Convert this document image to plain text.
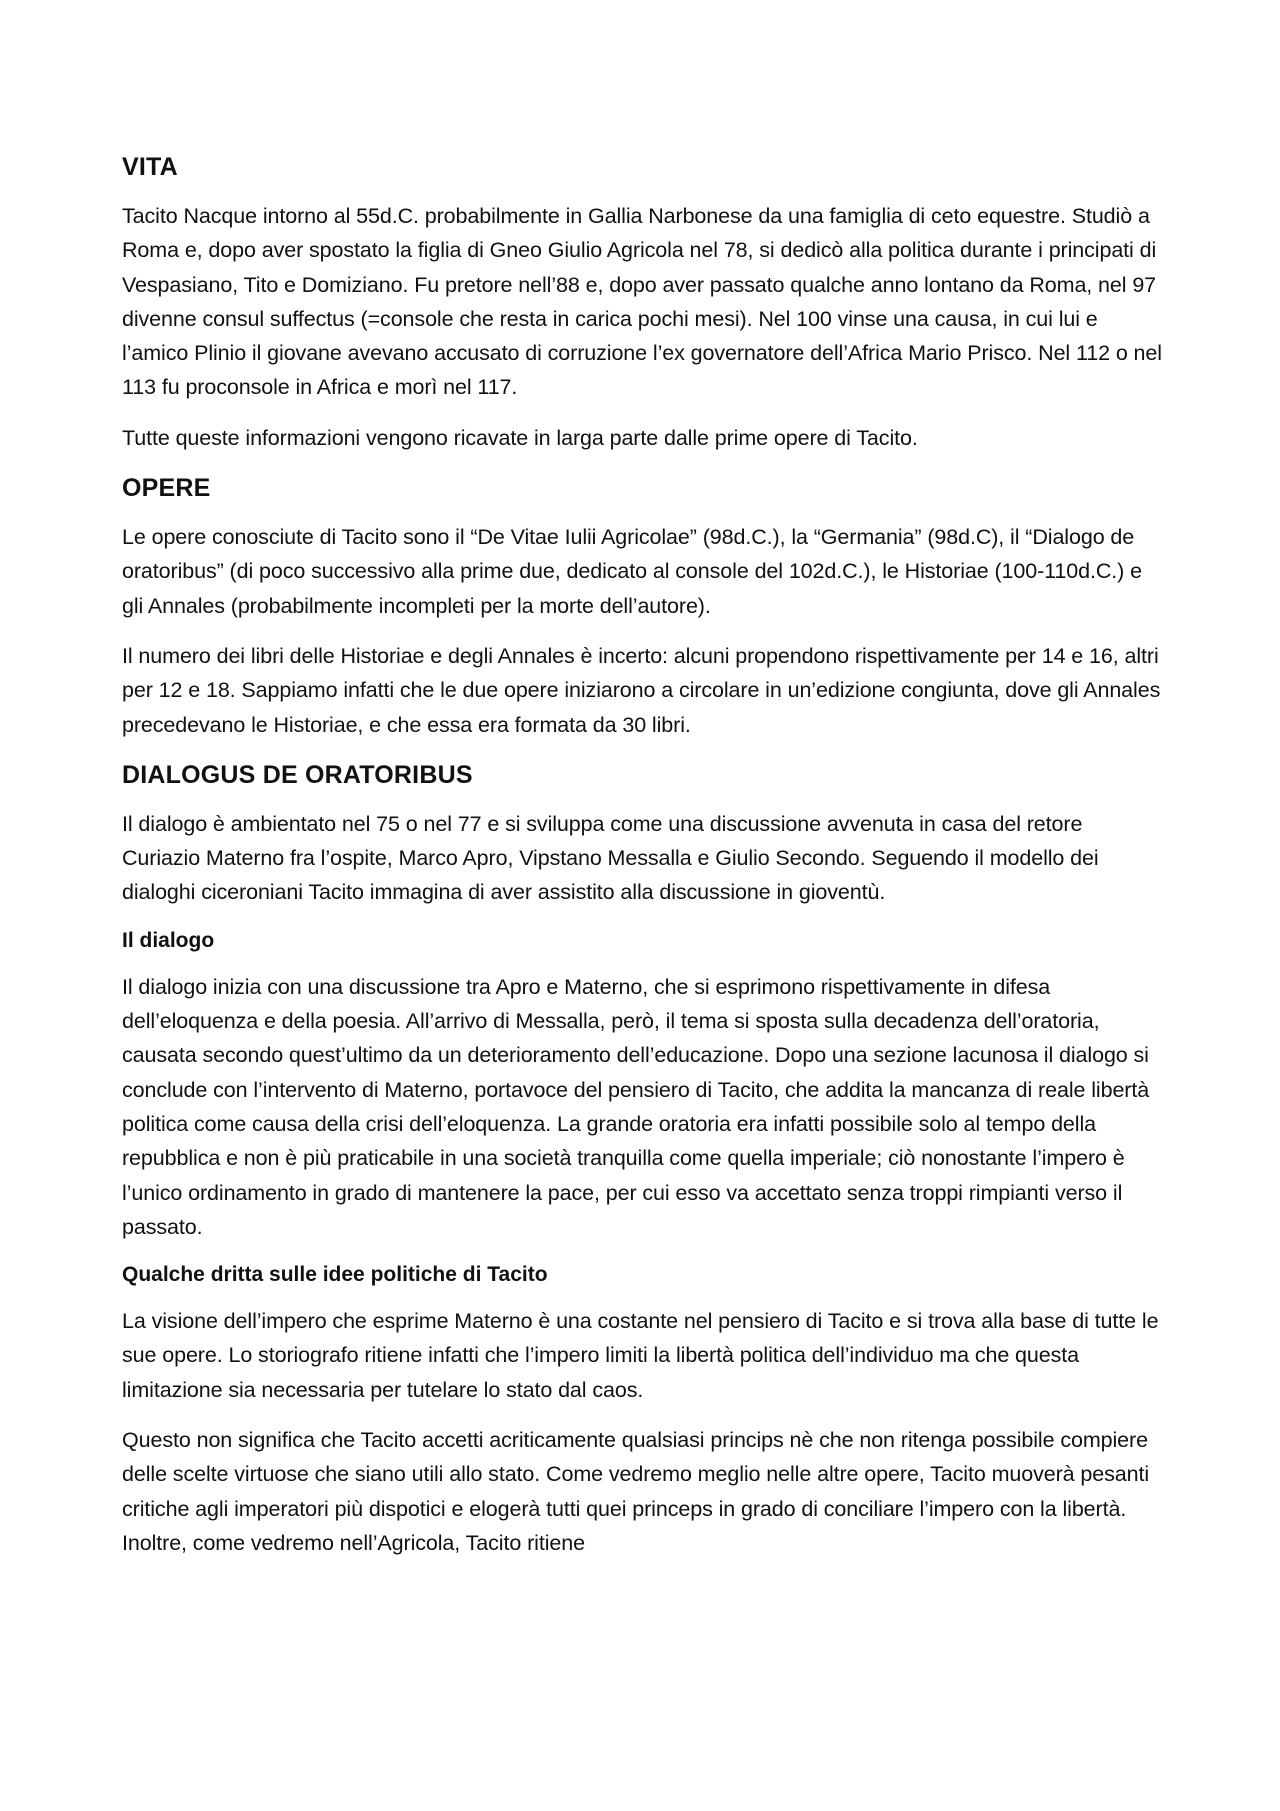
VITA

Tacito Nacque intorno al 55d.C. probabilmente in Gallia Narbonese da una famiglia di ceto equestre. Studiò a Roma e, dopo aver spostato la figlia di Gneo Giulio Agricola nel 78, si dedicò alla politica durante i principati di Vespasiano, Tito e Domiziano. Fu pretore nell’88 e, dopo aver passato qualche anno lontano da Roma, nel 97 divenne consul suffectus (=console che resta in carica pochi mesi). Nel 100 vinse una causa, in cui lui e l’amico Plinio il giovane avevano accusato di corruzione l’ex governatore dell’Africa Mario Prisco. Nel 112 o nel 113 fu proconsole in Africa e morì nel 117.

Tutte queste informazioni vengono ricavate in larga parte dalle prime opere di Tacito.

OPERE

Le opere conosciute di Tacito sono il “De Vitae Iulii Agricolae” (98d.C.), la “Germania” (98d.C), il “Dialogo de oratoribus” (di poco successivo alla prime due, dedicato al console del 102d.C.), le Historiae (100-110d.C.) e gli Annales (probabilmente incompleti per la morte dell’autore).

Il numero dei libri delle Historiae e degli Annales è incerto: alcuni propendono rispettivamente per 14 e 16, altri per 12 e 18. Sappiamo infatti che le due opere iniziarono a circolare in un’edizione congiunta, dove gli Annales precedevano le Historiae, e che essa era formata da 30 libri.

DIALOGUS DE ORATORIBUS

Il dialogo è ambientato nel 75 o nel 77 e si sviluppa come una discussione avvenuta in casa del retore Curiazio Materno fra l’ospite, Marco Apro, Vipstano Messalla e Giulio Secondo. Seguendo il modello dei dialoghi ciceroniani Tacito immagina di aver assistito alla discussione in gioventù.

Il dialogo

Il dialogo inizia con una discussione tra Apro e Materno, che si esprimono rispettivamente in difesa dell’eloquenza e della poesia. All’arrivo di Messalla, però, il tema si sposta sulla decadenza dell’oratoria, causata secondo quest’ultimo da un deterioramento dell’educazione. Dopo una sezione lacunosa il dialogo si conclude con l’intervento di Materno, portavoce del pensiero di Tacito, che addita la mancanza di reale libertà politica come causa della crisi dell’eloquenza. La grande oratoria era infatti possibile solo al tempo della repubblica e non è più praticabile in una società tranquilla come quella imperiale; ciò nonostante l’impero è l’unico ordinamento in grado di mantenere la pace, per cui esso va accettato senza troppi rimpianti verso il passato.

Qualche dritta sulle idee politiche di Tacito

La visione dell’impero che esprime Materno è una costante nel pensiero di Tacito e si trova alla base di tutte le sue opere. Lo storiografo ritiene infatti che l’impero limiti la libertà politica dell’individuo ma che questa limitazione sia necessaria per tutelare lo stato dal caos.

Questo non significa che Tacito accetti acriticamente qualsiasi princips nè che non ritenga possibile compiere delle scelte virtuose che siano utili allo stato. Come vedremo meglio nelle altre opere, Tacito muoverà pesanti critiche agli imperatori più dispotici e elogerà tutti quei princeps in grado di conciliare l’impero con la libertà. Inoltre, come vedremo nell’Agricola, Tacito ritiene
